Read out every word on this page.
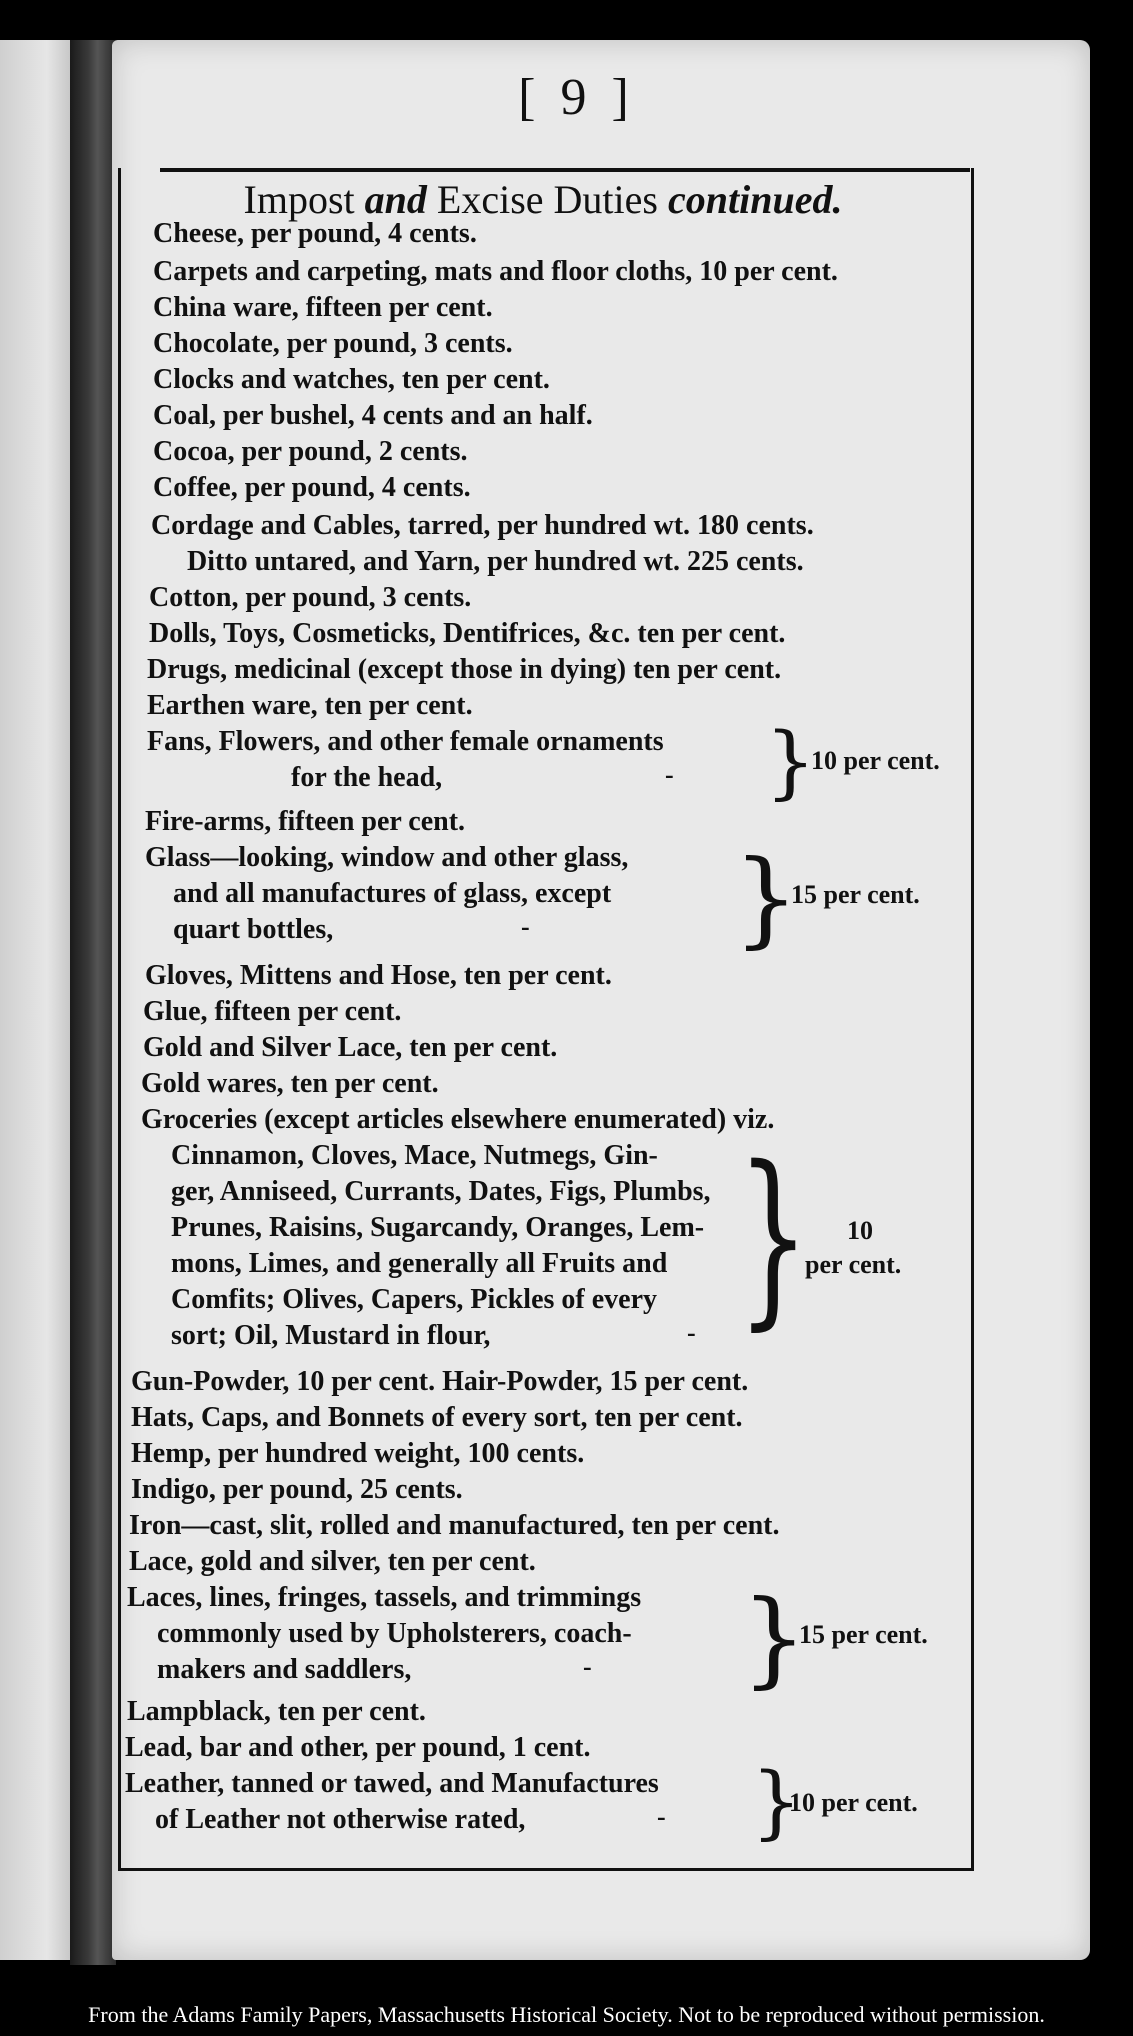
[ 9 ]
Impost and Excise Duties continued.
Cheese, per pound, 4 cents.
Carpets and carpeting, mats and floor cloths, 10 per cent.
China ware, fifteen per cent.
Chocolate, per pound, 3 cents.
Clocks and watches, ten per cent.
Coal, per bushel, 4 cents and an half.
Cocoa, per pound, 2 cents.
Coffee, per pound, 4 cents.
Cordage and Cables, tarred, per hundred wt. 180 cents.
Ditto untared, and Yarn, per hundred wt. 225 cents.
Cotton, per pound, 3 cents.
Dolls, Toys, Cosmeticks, Dentifrices, &c. ten per cent.
Drugs, medicinal (except those in dying) ten per cent.
Earthen ware, ten per cent.
Fans, Flowers, and other female ornaments
for the head,	- }
10 per cent.
Fire-arms, fifteen per cent.
Glass—looking, window and other glass,
and all manufactures of glass, except
quart bottles,	- }
15 per cent.
Gloves, Mittens and Hose, ten per cent.
Glue, fifteen per cent.
Gold and Silver Lace, ten per cent.
Gold wares, ten per cent.
Groceries (except articles elsewhere enumerated) viz.
Cinnamon, Cloves, Mace, Nutmegs, Gin-
ger, Anniseed, Currants, Dates, Figs, Plumbs,
Prunes, Raisins, Sugarcandy, Oranges, Lem-
mons, Limes, and generally all Fruits and
Comfits; Olives, Capers, Pickles of every
sort; Oil, Mustard in flour,	- } 10
per cent.
Gun-Powder, 10 per cent. Hair-Powder, 15 per cent.
Hats, Caps, and Bonnets of every sort, ten per cent.
Hemp, per hundred weight, 100 cents.
Indigo, per pound, 25 cents.
Iron—cast, slit, rolled and manufactured, ten per cent.
Lace, gold and silver, ten per cent.
Laces, lines, fringes, tassels, and trimmings
commonly used by Upholsterers, coach-
makers and saddlers,	- }
15 per cent.
Lampblack, ten per cent.
Lead, bar and other, per pound, 1 cent.
Leather, tanned or tawed, and Manufactures
of Leather not otherwise rated,	- }
10 per cent.
From the Adams Family Papers, Massachusetts Historical Society. Not to be reproduced without permission.
